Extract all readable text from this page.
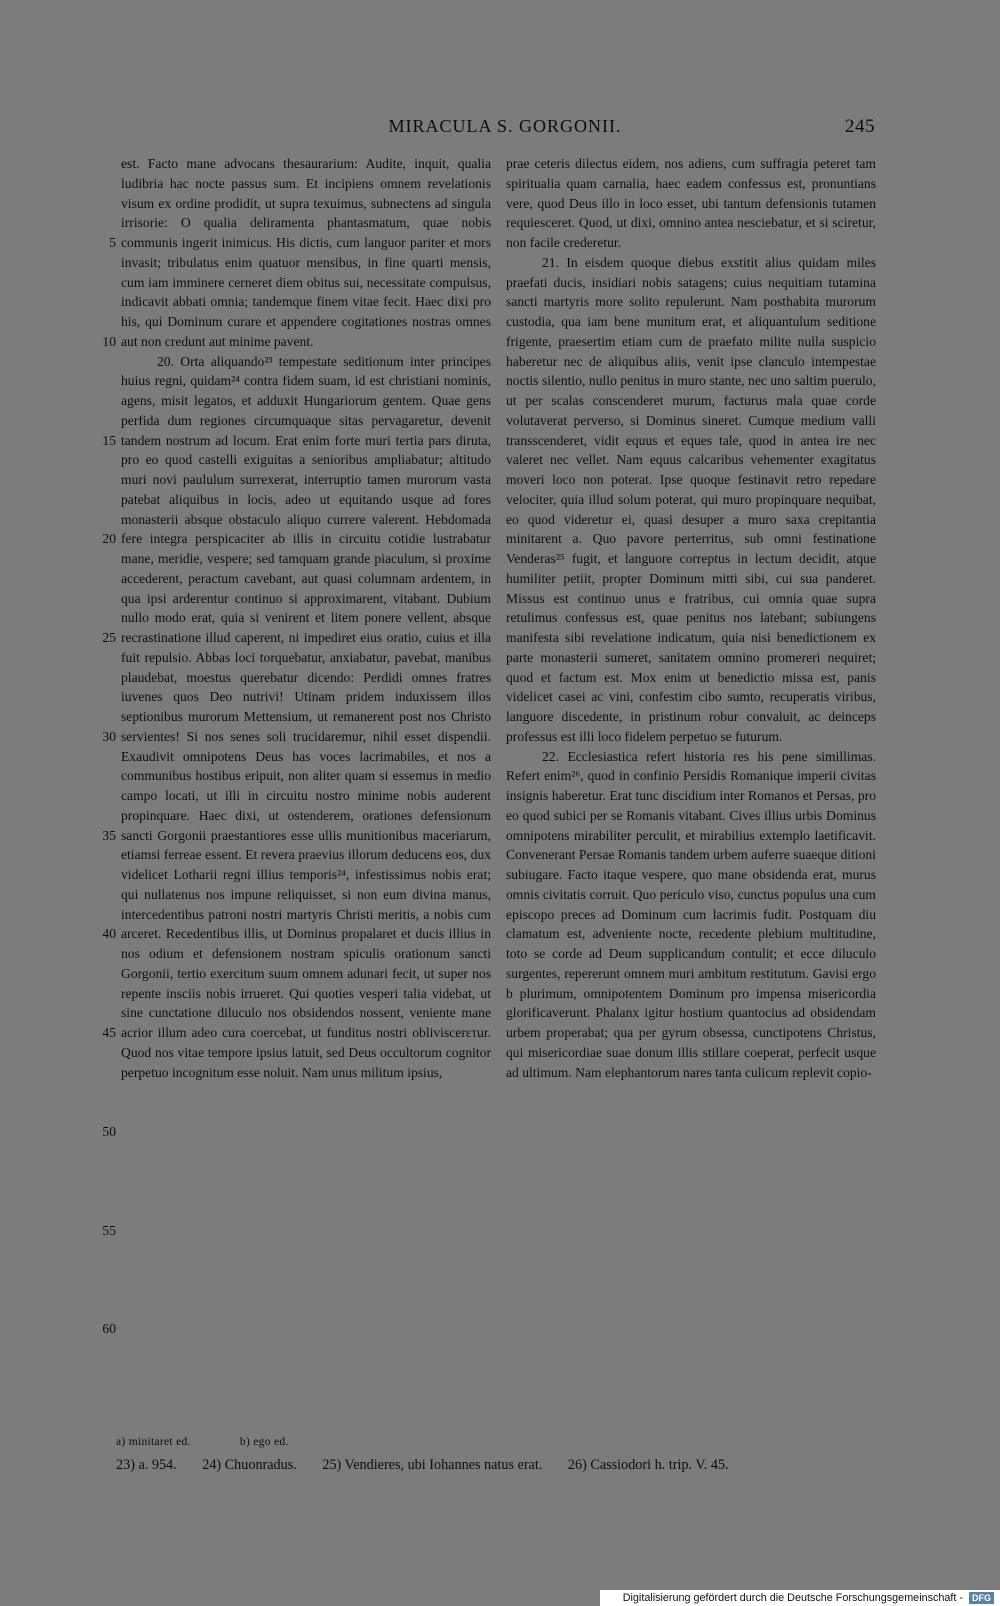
MIRACULA S. GORGONII.	245
5
10
15
20
25
30
35
40
45
50
55
60

est. Facto mane advocans thesaurarium: Audite, inquit, qualia ludibria hac nocte passus sum. Et incipiens omnem revelationis visum ex ordine prodidit, ut supra texuimus, subnectens ad singula irrisorie: O qualia deliramenta phantasmatum, quae nobis communis ingerit inimicus. His dictis, cum languor pariter et mors invasit; tribulatus enim quatuor mensibus, in fine quarti mensis, cum iam imminere cerneret diem obitus sui, necessitate compulsus, indicavit abbati omnia; tandemque finem vitae fecit. Haec dixi pro his, qui Dominum curare et appendere cogitationes nostras omnes aut non credunt aut minime pavent.

20. Orta aliquando²³ tempestate seditionum inter principes huius regni, quidam²⁴ contra fidem suam, id est christiani nominis, agens, misit legatos, et adduxit Hungariorum gentem. Quae gens perfida dum regiones circumquaque sitas pervagaretur, devenit tandem nostrum ad locum. Erat enim forte muri tertia pars diruta, pro eo quod castelli exiguitas a senioribus ampliabatur; altitudo muri novi paululum surrexerat, interruptio tamen murorum vasta patebat aliquibus in locis, adeo ut equitando usque ad fores monasterii absque obstaculo aliquo currere valerent. Hebdomada fere integra perspicaciter ab illis in circuitu cotidie lustrabatur mane, meridie, vespere; sed tamquam grande piaculum, si proxime accederent, peractum cavebant, aut quasi columnam ardentem, in qua ipsi arderentur continuo si approximarent, vitabant. Dubium nullo modo erat, quia si venirent et litem ponere vellent, absque recrastinatione illud caperent, ni impediret eius oratio, cuius et illa fuit repulsio. Abbas loci torquebatur, anxiabatur, pavebat, manibus plaudebat, moestus querebatur dicendo: Perdidi omnes fratres iuvenes quos Deo nutrivi! Utinam pridem induxissem illos septionibus murorum Mettensium, ut remanerent post nos Christo servientes! Si nos senes soli trucidaremur, nihil esset dispendii. Exaudivit omnipotens Deus has voces lacrimabiles, et nos a communibus hostibus eripuit, non aliter quam si essemus in medio campo locati, ut illi in circuitu nostro minime nobis auderent propinquare. Haec dixi, ut ostenderem, orationes defensionum sancti Gorgonii praestantiores esse ullis munitionibus maceriarum, etiamsi ferreae essent. Et revera praevius illorum deducens eos, dux videlicet Lotharii regni illius temporis²⁴, infestissimus nobis erat; qui nullatenus nos impune reliquisset, si non eum divina manus, intercedentibus patroni nostri martyris Christi meritis, a nobis cum arceret. Recedentibus illis, ut Dominus propalaret et ducis illius in nos odium et defensionem nostram spiculis orationum sancti Gorgonii, tertio exercitum suum omnem adunari fecit, ut super nos repente insciis nobis irrueret. Qui quoties vesperi talia videbat, ut sine cunctatione diluculo nos obsidendos nossent, veniente mane acrior illum adeo cura coercebat, ut funditus nostri obliviscerετur. Quod nos vitae tempore ipsius latuit, sed Deus occultorum cognitor perpetuo incognitum esse noluit. Nam unus militum ipsius,

prae ceteris dilectus eidem, nos adiens, cum suffragia peteret tam spiritualia quam carnalia, haec eadem confessus est, pronuntians vere, quod Deus illo in loco esset, ubi tantum defensionis tutamen requiesceret. Quod, ut dixi, omnino antea nesciebatur, et si sciretur, non facile crederetur.

21. In eisdem quoque diebus exstitit alius quidam miles praefati ducis, insidiari nobis satagens; cuius nequitiam tutamina sancti martyris more solito repulerunt. Nam posthabita murorum custodia, qua iam bene munitum erat, et aliquantulum seditione frigente, praesertim etiam cum de praefato milite nulla suspicio haberetur nec de aliquibus aliis, venit ipse clanculo intempestae noctis silentio, nullo penitus in muro stante, nec uno saltim puerulo, ut per scalas conscenderet murum, facturus mala quae corde volutaverat perverso, si Dominus sineret. Cumque medium valli transscenderet, vidit equus et eques tale, quod in antea ire nec valeret nec vellet. Nam equus calcaribus vehementer exagitatus moveri loco non poterat. Ipse quoque festinavit retro repedare velociter, quia illud solum poterat, qui muro propinquare nequibat, eo quod videretur ei, quasi desuper a muro saxa crepitantia minitarent a. Quo pavore perterritus, sub omni festinatione Venderas²⁵ fugit, et languore correptus in lectum decidit, atque humiliter petiit, propter Dominum mitti sibi, cui sua panderet. Missus est continuo unus e fratribus, cui omnia quae supra retulimus confessus est, quae penitus nos latebant; subiungens manifesta sibi revelatione indicatum, quia nisi benedictionem ex parte monasterii sumeret, sanitatem omnino promereri nequiret; quod et factum est. Mox enim ut benedictio missa est, panis videlicet casei ac vini, confestim cibo sumto, recuperatis viribus, languore discedente, in pristinum robur convaluit, ac deinceps professus est illi loco fidelem perpetuo se futurum.

22. Ecclesiastica refert historia res his pene simillimas. Refert enim²⁶, quod in confinio Persidis Romanique imperii civitas insignis haberetur. Erat tunc discidium inter Romanos et Persas, pro eo quod subici per se Romanis vitabant. Cives illius urbis Dominus omnipotens mirabiliter perculit, et mirabilius extemplo laetificavit. Convenerant Persae Romanis tandem urbem auferre suaeque ditioni subiugare. Facto itaque vespere, quo mane obsidenda erat, murus omnis civitatis corruit. Quo periculo viso, cunctus populus una cum episcopo preces ad Dominum cum lacrimis fudit. Postquam diu clamatum est, adveniente nocte, recedente plebium multitudine, toto se corde ad Deum supplicandum contulit; et ecce diluculo surgentes, repererunt omnem muri ambitum restitutum. Gavisi ergo b plurimum, omnipotentem Dominum pro impensa misericordia glorificaverunt. Phalanx igitur hostium quantocius ad obsidendam urbem properabat; qua per gyrum obsessa, cunctipotens Christus, qui misericordiae suae donum illis stillare coeperat, perfecit usque ad ultimum. Nam elephantorum nares tanta culicum replevit copio-

a) minitaret ed.	b) ego ed.
23) a. 954. 24) Chuonradus. 25) Vendieres, ubi Iohannes natus erat. 26) Cassiodori h. trip. V. 45.
Digitalisierung gefördert durch die Deutsche Forschungsgemeinschaft - DFG
